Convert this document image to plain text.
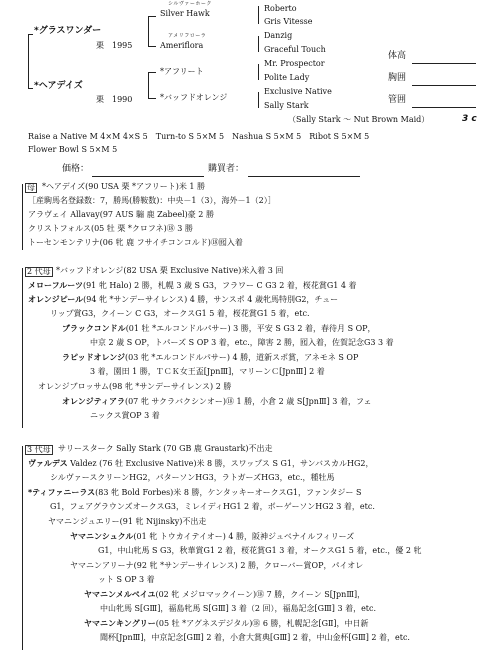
*グラスワンダー
栗　 1995
*ヘアデイズ
栗　 1990
シルヴァーホーク
Silver Hawk
アメリフローラ
Ameriflora
*アフリート
*バッフドオレンジ
Roberto
Gris Vitesse
Danzig
Graceful Touch
Mr. Prospector
Polite Lady
Exclusive Native
Sally Stark
体高
胸囲
管囲
（Sally Stark ～ Nut Brown Maid）	3 c
Raise a Native M 4×M 4×S 5　Turn-to S 5×M 5　Nashua S 5×M 5　Ribot S 5×M 5
Flower Bowl S 5×M 5
価格：	購買者：
母 *ヘアデイズ(90 USA 栗 *アフリート)米 1 勝
［産駒馬名登録数：7，勝馬(勝鞍数)：中央－1（3），海外－1（2）］
アラヴェイ Allavay(97 AUS 騸 鹿 Zabeel)豪 2 勝
クリストフォルス(05 牡 栗 *クロフネ)⑱ 3 勝
トーセンモンテリナ(06 牝 鹿 フサイチコンコルド)⑱囮入着
2 代母 *バッフドオレンジ(82 USA 栗 Exclusive Native)米入着 3 回
メローフルーツ(91 牝 Halo) 2 勝，札幌 3 歳 S G3，フラワー C G3 2 着，桜花賞G1 4 着
オレンジピール(94 牝 *サンデーサイレンス) 4 勝，サンスポ 4 歳牝馬特別G2，チュー
リップ賞G3，クイーン C G3，オークスG1 5 着，桜花賞G1 5 着，etc.
ブラックコンドル(01 牡 *エルコンドルパサー) 3 勝，平安 S G3 2 着，春待月 S OP，
中京 2 歳 S OP，トパーズ S OP 3 着，etc.，障害 2 勝，囮入着，佐賀記念G3 3 着
ラピッドオレンジ(03 牝 *エルコンドルパサー) 4 勝，道新スポ賞，アネモネ S OP
3 着，園田 1 勝，ＴＣＫ女王盃[JpnⅢ]，マリーンＣ[JpnⅢ] 2 着
オレンジブロッサム(98 牝 *サンデーサイレンス) 2 勝
オレンジティアラ(07 牝 サクラバクシンオー)⑱ 1 勝，小倉 2 歳 S[JpnⅢ] 3 着，フェ
ニックス賞OP 3 着
3 代母 サリースターク Sally Stark (70 GB 鹿 Graustark)不出走
ヴァルデス Valdez (76 牡 Exclusive Native)米 8 勝，スワップス S G1，サンバスカルHG2，
シルヴァースクリーンHG2，パターソンHG3，ラトガーズHG3，etc.，種牡馬
*ティファニーラス(83 牝 Bold Forbes)米 8 勝，ケンタッキーオークスG1，ファンタジー S
G1，フェアグラウンズオークスG3，ミレイディHG1 2 着，ボーゲーソンHG2 3 着，etc.
ヤマニンジュエリー(91 牝 Nijinsky)不出走
ヤマニンシュクル(01 牝 トウカイテイオー) 4 勝，阪神ジュベナイルフィリーズ
G1，中山牝馬 S G3，秋華賞G1 2 着，桜花賞G1 3 着，オークスG1 5 着，etc.，優 2 牝
ヤマニンアリーナ(92 牝 *サンデーサイレンス) 2 勝，クローバー賞OP，パイオレ
ット S OP 3 着
ヤマニンメルベイユ(02 牝 メジロマックイーン)⑱ 7 勝，クイーン S[JpnⅢ]，
中山牝馬 S[GⅢ]，福島牝馬 S[GⅢ] 3 着（2 回），福島記念[GⅢ] 3 着，etc.
ヤマニンキングリー(05 牡 *アグネスデジタル)⑱ 6 勝，札幌記念[GⅡ]，中日新
聞杯[JpnⅢ]，中京記念[GⅢ] 2 着，小倉大賞典[GⅢ] 2 着，中山金杯[GⅢ] 2 着，etc.
